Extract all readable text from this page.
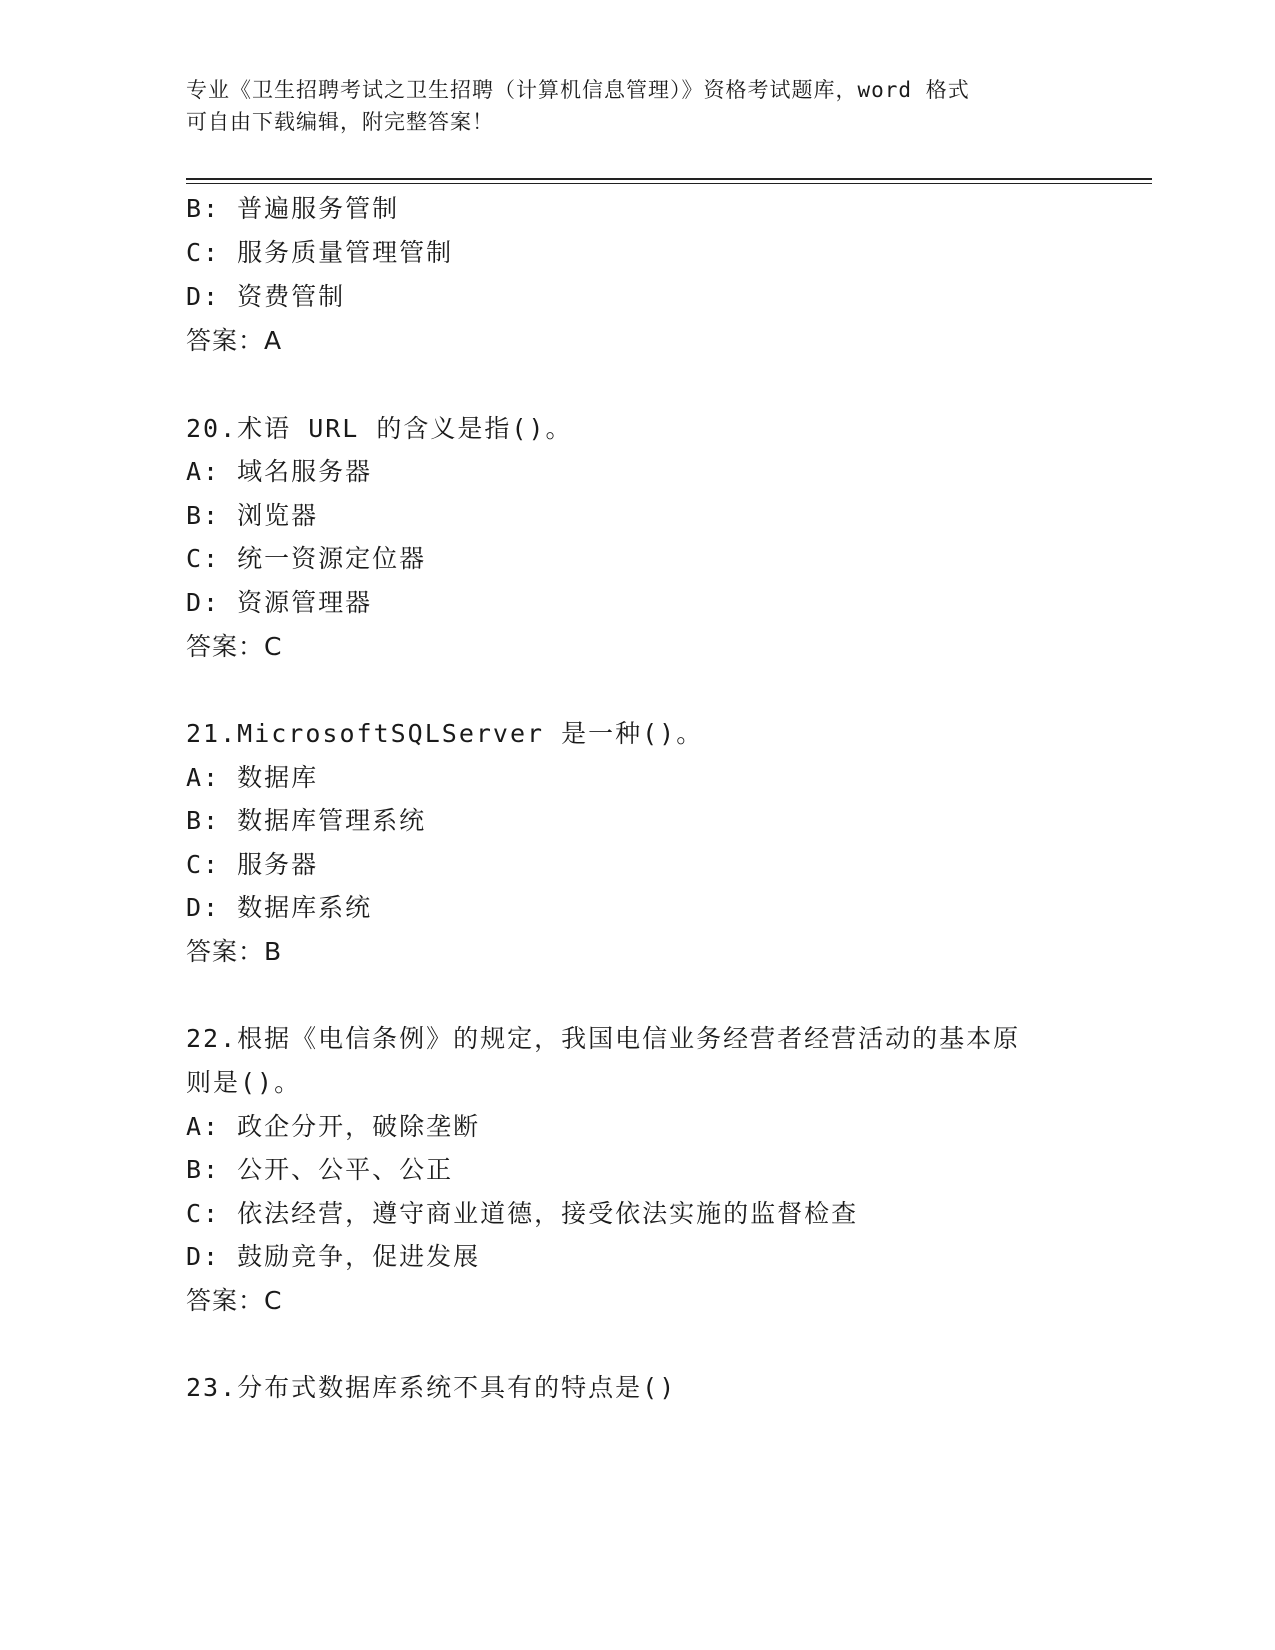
专业《卫生招聘考试之卫生招聘（计算机信息管理）》资格考试题库，word 格式
可自由下载编辑，附完整答案！
B: 普遍服务管制
C: 服务质量管理管制
D: 资费管制
答案：A
20.术语 URL 的含义是指()。
A: 域名服务器
B: 浏览器
C: 统一资源定位器
D: 资源管理器
答案：C
21.MicrosoftSQLServer 是一种()。
A: 数据库
B: 数据库管理系统
C: 服务器
D: 数据库系统
答案：B
22.根据《电信条例》的规定，我国电信业务经营者经营活动的基本原
则是()。
A: 政企分开，破除垄断
B: 公开、公平、公正
C: 依法经营，遵守商业道德，接受依法实施的监督检查
D: 鼓励竞争，促进发展
答案：C
23.分布式数据库系统不具有的特点是()
